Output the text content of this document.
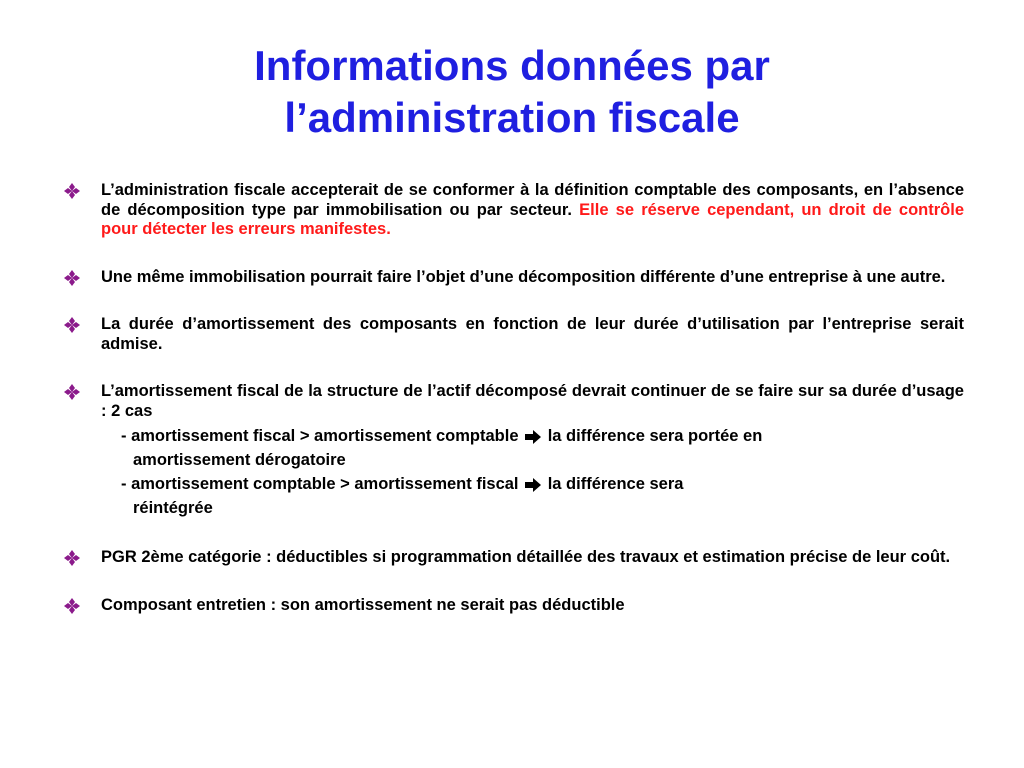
Informations données par
l’administration fiscale
L’administration fiscale accepterait de se conformer à la définition comptable des composants, en l’absence de décomposition type par immobilisation ou par secteur. Elle se réserve cependant, un droit de contrôle pour détecter les erreurs manifestes.
Une même immobilisation pourrait faire l’objet d’une décomposition différente d’une entreprise à une autre.
La durée d’amortissement des composants en fonction de leur durée d’utilisation par l’entreprise serait admise.
L’amortissement fiscal de la structure de l’actif décomposé devrait continuer de se faire sur sa durée d’usage : 2 cas
- amortissement fiscal > amortissement comptable  la différence sera portée en
amortissement dérogatoire
- amortissement comptable > amortissement fiscal  la différence sera
réintégrée
PGR 2ème catégorie : déductibles si programmation détaillée des travaux et estimation précise de leur coût.
Composant entretien : son amortissement ne serait pas déductible
